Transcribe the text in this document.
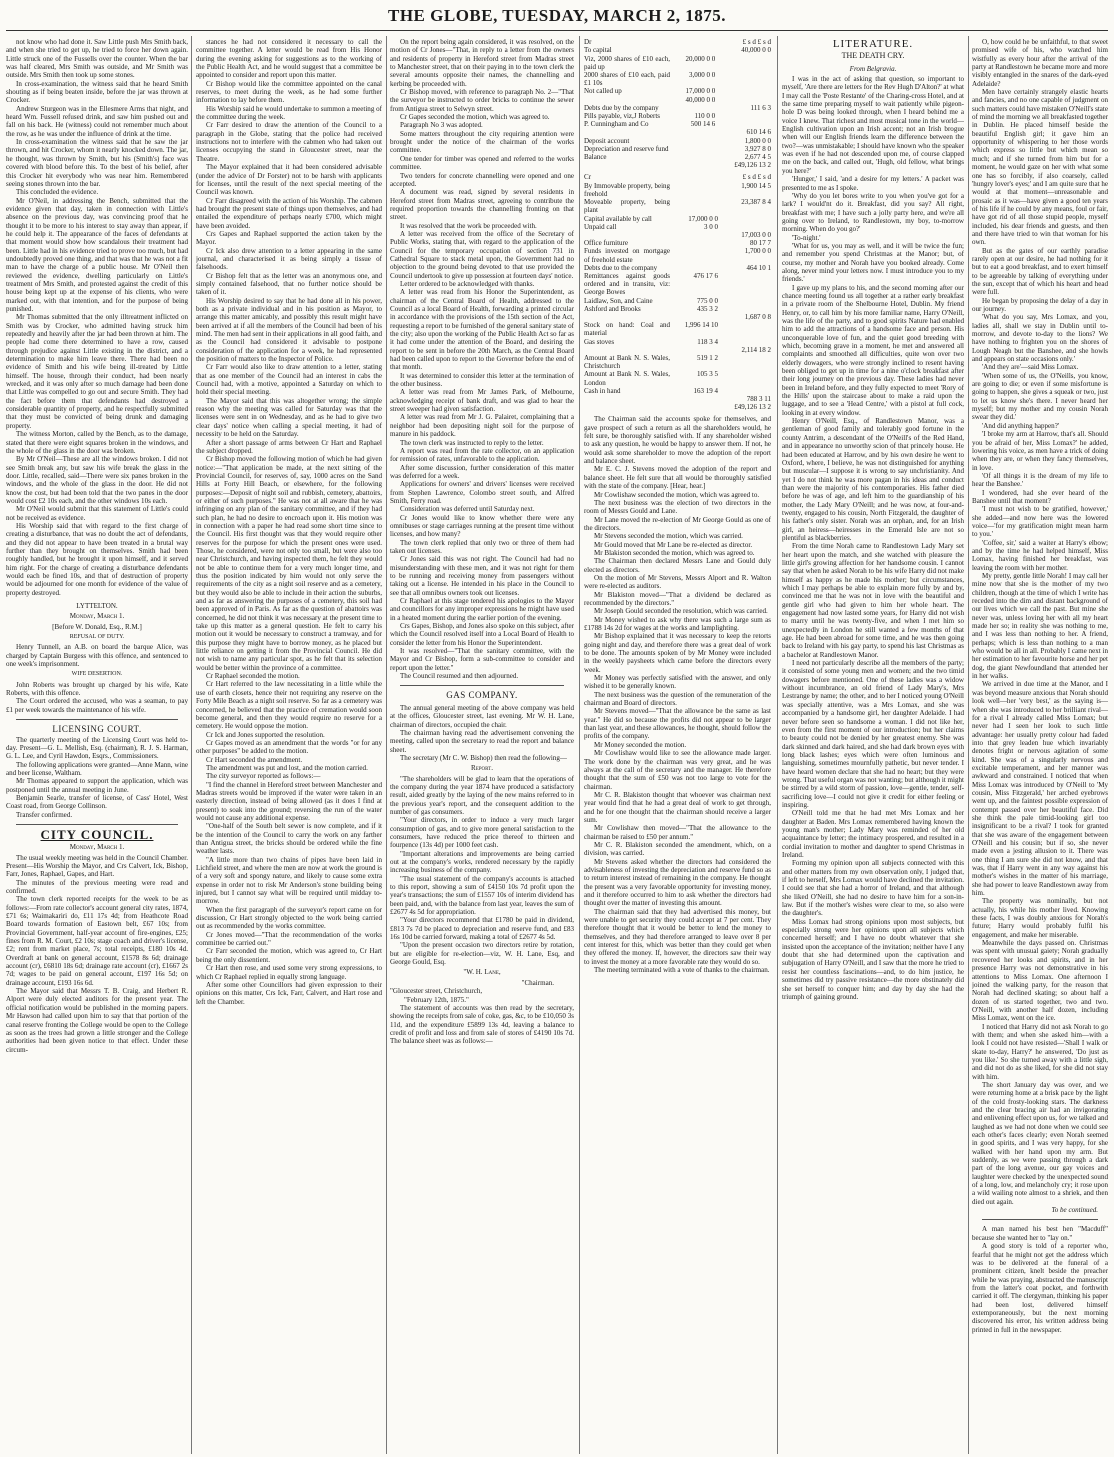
THE GLOBE, TUESDAY, MARCH 2, 1875.

not know who had done it. Saw Little push Mrs Smith back, and when she tried to get up, he tried to force her down again. Little struck one of the Fussells over the counter. When the bar was half cleared, Mrs Smith was outside, and Mr Smith was outside. Mrs Smith then took up some stones.

In cross-examination, the witness said that he heard Smith shouting as if being beaten inside, before the jar was thrown at Crocker.

Andrew Sturgeon was in the Ellesmere Arms that night, and heard Wm. Fussell refused drink, and saw him pushed out and fall on his back. He (witness) could not remember much about the row, as he was under the influence of drink at the time.

In cross-examination the witness said that he saw the jar thrown, and hit Crocker, whom it nearly knocked down. The jar, he thought, was thrown by Smith, but his (Smith's) face was covered with blood before this. To the best of his belief, after this Crocker hit everybody who was near him. Remembered seeing stones thrown into the bar.

This concluded the evidence.

Mr O'Neil, in addressing the Bench, submitted that the evidence given that day, taken in connection with Little's absence on the previous day, was convincing proof that he thought it to be more to his interest to stay away than appear, if he could help it. The appearance of the faces of defendants at that moment would show how scandalous their treatment had been. Little had in his evidence tried to prove too much, but had undoubtedly proved one thing, and that was that he was not a fit man to have the charge of a public house. Mr O'Neil then reviewed the evidence, dwelling particularly on Little's treatment of Mrs Smith, and protested against the credit of this house being kept up at the expense of his clients, who were marked out, with that intention, and for the purpose of being punished.

Mr Thomas submitted that the only illtreatment inflicted on Smith was by Crocker, who admitted having struck him repeatedly and heavily after the jar had been thrown at him. The people had come there determined to have a row, caused through prejudice against Little existing in the district, and a determination to make him leave there. There had been no evidence of Smith and his wife being ill-treated by Little himself. The house, through their conduct, had been nearly wrecked, and it was only after so much damage had been done that Little was compelled to go out and secure Smith. They had the fact before them that defendants had destroyed a considerable quantity of property, and he respectfully submitted that they must be convicted of being drunk and damaging property.

The witness Morton, called by the Bench, as to the damage, stated that there were eight squares broken in the windows, and the whole of the glass in the door was broken.

By Mr O'Neil—These are all the windows broken. I did not see Smith break any, but saw his wife break the glass in the door. Little, recalled, said—There were six panes broken in the windows, and the whole of the glass in the door. He did not know the cost, but had been told that the two panes in the door would cost £2 10s each, and the other windows 10s each.

Mr O'Neil would submit that this statement of Little's could not be received as evidence.

His Worship said that with regard to the first charge of creating a disturbance, that was no doubt the act of defendants, and they did not appear to have been treated in a brutal way further than they brought on themselves. Smith had been roughly handled, but he brought it upon himself, and it served him right. For the charge of creating a disturbance defendants would each be fined 10s, and that of destruction of property would be adjourned for one month for evidence of the value of property destroyed.

LYTTELTON.
Monday, March 1.
[Before W. Donald, Esq., R.M.]
REFUSAL OF DUTY.

Henry Tunnell, an A.B. on board the barque Alice, was charged by Captain Burgess with this offence, and sentenced to one week's imprisonment.

WIFE DESERTION.

John Roberts was brought up charged by his wife, Kate Roberts, with this offence.

The Court ordered the accused, who was a seaman, to pay £1 per week towards the maintenance of his wife.

LICENSING COURT.

The quarterly meeting of the Licensing Court was held to-day. Present—G. L. Mellish, Esq. (chairman), R. J. S. Harman, G. L. Lee, and Cyril Hawdon, Esqrs., Commissioners.

The following applications were granted—Anne Mann, wine and beer license, Waltham.

Mr Thomas appeared to support the application, which was postponed until the annual meeting in June.

Benjamin Searle, transfer of license, of Cass' Hotel, West Coast road, from George Collinson.

Transfer confirmed.

CITY COUNCIL.
Monday, March 1.

The usual weekly meeting was held in the Council Chamber. Present—His Worship the Mayor, and Crs Calvert, Ick, Bishop, Farr, Jones, Raphael, Gapes, and Hart.

The minutes of the previous meeting were read and confirmed.

The town clerk reported receipts for the week to be as follows:—From rate collector's account general city rates, 1874, £71 6s; Waimakariri do, £11 17s 4d; from Heathcote Road Board towards formation of Eastown belt, £67 10s; from Provincial Government, half-year account of fire-engines, £25; fines from R. M. Court, £2 10s; stage coach and driver's license, £2; rent from market place, 7s; total receipts, £180 10s 4d. Overdraft at bank on general account, £1578 8s 6d; drainage account (cr), £6810 18s 6d; drainage rate account (cr), £1667 2s 7d; wages to be paid on general account, £197 16s 5d; on drainage account, £193 16s 6d.

The Mayor said that Messrs T. B. Craig, and Herbert R. Alport were duly elected auditors for the present year. The official notification would be published in the morning papers. Mr Hawson had called upon him to say that that portion of the canal reserve fronting the College would be open to the College as soon as the trees had grown a little stronger and the College authorities had been given notice to that effect. Under these circum-

stances he had not considered it necessary to call the committee together. A letter would be read from His Honor during the evening asking for suggestions as to the working of the Public Health Act, and he would suggest that a committee be appointed to consider and report upon this matter.

Cr Bishop would like the committee appointed on the canal reserves, to meet during the week, as he had some further information to lay before them.

His Worship said he would undertake to summon a meeting of the committee during the week.

Cr Farr desired to draw the attention of the Council to a paragraph in the Globe, stating that the police had received instructions not to interfere with the cabmen who had taken out licenses occupying the stand in Gloucester street, near the Theatre.

The Mayor explained that it had been considered advisable (under the advice of Dr Forster) not to be harsh with applicants for licenses, until the result of the next special meeting of the Council was known.

Cr Farr disagreed with the action of his Worship. The cabmen had brought the present state of things upon themselves, and had entailed the expenditure of perhaps nearly £700, which might have been avoided.

Crs Gapes and Raphael supported the action taken by the Mayor.

Cr Ick also drew attention to a letter appearing in the same journal, and characterised it as being simply a tissue of falsehoods.

Cr Bishop felt that as the letter was an anonymous one, and simply contained falsehood, that no further notice should be taken of it.

His Worship desired to say that he had done all in his power, both as a private individual and in his position as Mayor, to arrange this matter amicably, and possibly this result might have been arrived at if all the members of the Council had been of his mind. The men had sent in their applications in all good faith, and as the Council had considered it advisable to postpone consideration of the application for a week, he had represented the position of matters to the Inspector of Police.

Cr Farr would also like to draw attention to a letter, stating that as one member of the Council had an interest in cabs the Council had, with a motive, appointed a Saturday on which to hold their special meeting.

The Mayor said that this was altogether wrong; the simple reason why the meeting was called for Saturday was that the licenses were sent in on Wednesday, and as he had to give two clear days' notice when calling a special meeting, it had of necessity to be held on the Saturday.

After a short passage of arms between Cr Hart and Raphael the subject dropped.

Cr Bishop moved the following motion of which he had given notice:—"That application be made, at the next sitting of the Provincial Council, for reserves of, say, 1000 acres on the Sand Hills at Forty Hill Beach, or elsewhere, for the following purposes:—Deposit of night soil and rubbish, cemetery, abattoirs, or either of such purposes." He was not at all aware that he was infringing on any plan of the sanitary committee, and if they had such plan, he had no desire to encroach upon it. His motion was in connection with a paper he had read some short time since to the Council. His first thought was that they would require other reserves for the purpose for which the present ones were used. Those, he considered, were not only too small, but were also too near Christchurch, and having inspected them, he felt they would not be able to continue them for a very much longer time, and thus the position indicated by him would not only serve the requirements of the city as a night soil reserve and as a cemetery, but they would also be able to include in their action the suburbs, and as far as answering the purposes of a cemetery, this soil had been approved of in Paris. As far as the question of abattoirs was concerned, he did not think it was necessary at the present time to take up this matter as a general question. He felt to carry his motion out it would be necessary to construct a tramway, and for this purpose they might have to borrow money, as he placed but little reliance on getting it from the Provincial Council. He did not wish to name any particular spot, as he felt that its selection would be better within the province of a committee.

Cr Raphael seconded the motion.

Cr Hart referred to the law necessitating in a little while the use of earth closets, hence their not requiring any reserve on the Forty Mile Beach as a night soil reserve. So far as a cemetery was concerned, he believed that the practice of cremation would soon become general, and then they would require no reserve for a cemetery. He would oppose the motion.

Cr Ick and Jones supported the resolution.

Cr Gapes moved as an amendment that the words "or for any other purposes" be added to the motion.

Cr Hart seconded the amendment.

The amendment was put and lost, and the motion carried.

The city surveyor reported as follows:—

"I find the channel in Hereford street between Manchester and Madras streets would be improved if the water were taken in an easterly direction, instead of being allowed (as it does I find at present) to soak into the ground; reversing the run of the water would not cause any additional expense.

"One-half of the South belt sewer is now complete, and if it be the intention of the Council to carry the work on any farther than Antigua street, the bricks should be ordered while the fine weather lasts.

"A little more than two chains of pipes have been laid in Lichfield street, and where the men are now at work the ground is of a very soft and spongy nature, and likely to cause some extra expense in order not to risk Mr Anderson's stone building being injured, but I cannot say what will be required until midday to-morrow.

When the first paragraph of the surveyor's report came on for discussion, Cr Hart strongly objected to the work being carried out as recommended by the works committee.

Cr Jones moved—"That the recommendation of the works committee be carried out."

Cr Farr seconded the motion, which was agreed to, Cr Hart being the only dissentient.

Cr Hart then rose, and used some very strong expressions, to which Cr Raphael replied in equally strong language.

After some other Councillors had given expression to their opinions on this matter, Crs Ick, Farr, Calvert, and Hart rose and left the Chamber.

On the report being again considered, it was resolved, on the motion of Cr Jones—"That, in reply to a letter from the owners and residents of property in Hereford street from Madras street to Manchester street, that on their paying in to the town clerk the several amounts opposite their names, the channelling and kerbing be proceeded with.

Cr Bishop moved, with reference to paragraph No. 2—"That the surveyor be instructed to order bricks to continue the sewer from Antigua street to Selwyn street.

Cr Gapes seconded the motion, which was agreed to.

Paragraph No 3 was adopted.

Some matters throughout the city requiring attention were brought under the notice of the chairman of the works committee.

One tender for timber was opened and referred to the works committee.

Two tenders for concrete channelling were opened and one accepted.

A document was read, signed by several residents in Hereford street from Madras street, agreeing to contribute the required proportion towards the channelling fronting on that street.

It was resolved that the work be proceeded with.

A letter was received from the office of the Secretary of Public Works, stating that, with regard to the application of the Council for the temporary occupation of section 731 in Cathedral Square to stack metal upon, the Government had no objection to the ground being devoted to that use provided the Council undertook to give up possession at fourteen days' notice.

Letter ordered to be acknowledged with thanks.

A letter was read from his Honor the Superintendent, as chairman of the Central Board of Health, addressed to the Council as a local Board of Health, forwarding a printed circular in accordance with the provisions of the 15th section of the Act, requesting a report to be furnished of the general sanitary state of the city; also upon the working of the Public Health Act so far as it had come under the attention of the Board, and desiring the report to be sent in before the 20th March, as the Central Board had been called upon to report to the Governor before the end of that month.

It was determined to consider this letter at the termination of the other business.

A letter was read from Mr James Park, of Melbourne, acknowledging receipt of bank draft, and was glad to hear the street sweeper had given satisfaction.

A letter was read from Mr J. G. Palairet, complaining that a neighbor had been depositing night soil for the purpose of manure in his paddock.

The town clerk was instructed to reply to the letter.

A report was read from the rate collector, on an application for remission of rates, unfavorable to the application.

After some discussion, further consideration of this matter was deferred for a week.

Applications for owners' and drivers' licenses were received from Stephen Lawrence, Colombo street south, and Alfred Smith, Ferry road.

Consideration was deferred until Saturday next.

Cr Jones would like to know whether there were any omnibuses or stage carriages running at the present time without licenses, and how many?

The town clerk replied that only two or three of them had taken out licenses.

Cr Jones said this was not right. The Council had had no misunderstanding with these men, and it was not right for them to be running and receiving money from passengers without taking out a license. He intended in his place in the Council to see that all omnibus owners took out licenses.

Cr Raphael at this stage tendered his apologies to the Mayor and councillors for any improper expressions he might have used in a heated moment during the earlier portion of the evening.

Crs Gapes, Bishop, and Jones also spoke on this subject, after which the Council resolved itself into a Local Board of Health to consider the letter from his Honor the Superintendent.

It was resolved—"That the sanitary committee, with the Mayor and Cr Bishop, form a sub-committee to consider and report upon the letter."

The Council resumed and then adjourned.

GAS COMPANY.

The annual general meeting of the above company was held at the offices, Gloucester street, last evening. Mr W. H. Lane, chairman of directors, occupied the chair.

The chairman having read the advertisement convening the meeting, called upon the secretary to read the report and balance sheet.

The secretary (Mr C. W. Bishop) then read the following—

Report.

"The shareholders will be glad to learn that the operations of the company during the year 1874 have produced a satisfactory result, aided greatly by the laying of the new mains referred to in the previous year's report, and the consequent addition to the number of gas consumers.

"Your directors, in order to induce a very much larger consumption of gas, and to give more general satisfaction to the consumers, have reduced the price thereof to thirteen and fourpence (13s 4d) per 1000 feet cash.

"Important alterations and improvements are being carried out at the company's works, rendered necessary by the rapidly increasing business of the company.

"The usual statement of the company's accounts is attached to this report, showing a sum of £4150 10s 7d profit upon the year's transactions; the sum of £1557 10s of interim dividend has been paid, and, with the balance from last year, leaves the sum of £2677 4s 5d for appropriation.

"Your directors recommend that £1780 be paid in dividend, £813 7s 7d be placed to depreciation and reserve fund, and £83 16s 10d be carried forward, making a total of £2677 4s 5d.

"Upon the present occasion two directors retire by rotation, but are eligible for re-election—viz, W. H. Lane, Esq, and George Gould, Esq.

"W. H. Lane,
"Chairman.
"Gloucester street, Christchurch,
"February 12th, 1875."

The statement of accounts was then read by the secretary, showing the receipts from sale of coke, gas, &c, to be £10,050 3s 11d, and the expenditure £5899 13s 4d, leaving a balance to credit of profit and loss and from sale of stores of £4190 10s 7d. The balance sheet was as follows:—

Dr	£ s d £ s d
To capital		40,000 0 0
Viz, 2000 shares of £10 each, paid up	20,000 0 0	
2000 shares of £10 each, paid £1 10s	3,000 0 0	
Not called up	17,000 0 0	
	40,000 0 0	
Debts due by the company		111 6 3
Pills payable, viz,J Roberts	110 0 0	
P. Cunningham and Co	500 14 6	
		610 14 6
Deposit account		1,800 0 0
Depreciation and reserve fund		3,927 8 0
Balance		2,677 4 5
		£49,126 13 2
Cr	£ s d £ s d
By Immovable property, being freehold		1,900 14 5
Moveable property, being plant		23,387 8 4
Capital available by call	17,000 0 0	
Unpaid call	3 0 0	
		17,003 0 0
Office furniture		80 17 7
Funds invested on mortgage of freehold estate		1,700 0 0
Debts due to the company		464 10 1
Remittances against goods ordered and in transitu, viz: George Bowes	476 17 6	
Laidlaw, Son, and Caine	775 0 0	
Ashford and Brooks	435 3 2	
		1,687 0 8
Stock on hand: Coal and material	1,996 14 10	
Gas stoves	118 3 4	
		2,114 18 2
Amount at Bank N. S. Wales, Christchurch	519 1 2	
Amount at Bank N. S. Wales, London	105 3 5	
Cash in hand	163 19 4	
		788 3 11
		£49,126 13 2

The Chairman said the accounts spoke for themselves, and gave prospect of such a return as all the shareholders would, he felt sure, be thoroughly satisfied with. If any shareholder wished to ask any question, he would be happy to answer them. If not, he would ask some shareholder to move the adoption of the report and balance sheet.

Mr E. C. J. Stevens moved the adoption of the report and balance sheet. He felt sure that all would be thoroughly satisfied with the state of the company. [Hear, hear.]

Mr Cowlishaw seconded the motion, which was agreed to.

The next business was the election of two directors in the room of Messrs Gould and Lane.

Mr Lane moved the re-election of Mr George Gould as one of the directors.

Mr Stevens seconded the motion, which was carried.

Mr Gould moved that Mr Lane be re-elected as director.

Mr Blakiston seconded the motion, which was agreed to.

The Chairman then declared Messrs Lane and Gould duly elected as directors.

On the motion of Mr Stevens, Messrs Alport and R. Walton were re-elected as auditors.

Mr Blakiston moved—"That a dividend be declared as recommended by the directors."

Mr Joseph Gould seconded the resolution, which was carried.

Mr Money wished to ask why there was such a large sum as £1788 14s 2d for wages at the works and lamplighting.

Mr Bishop explained that it was necessary to keep the retorts going night and day, and therefore there was a great deal of work to be done. The amounts spoken of by Mr Money were included in the weekly paysheets which came before the directors every week.

Mr Money was perfectly satisfied with the answer, and only wished it to be generally known.

The next business was the question of the remuneration of the chairman and Board of directors.

Mr Stevens moved—"That the allowance be the same as last year." He did so because the profits did not appear to be larger than last year, and these allowances, he thought, should follow the profits of the company.

Mr Money seconded the motion.

Mr Cowlishaw would like to see the allowance made larger. The work done by the chairman was very great, and he was always at the call of the secretary and the manager. He therefore thought that the sum of £50 was not too large to vote for the chairman.

Mr C. R. Blakiston thought that whoever was chairman next year would find that he had a great deal of work to get through, and he for one thought that the chairman should receive a larger sum.

Mr Cowlishaw then moved—"That the allowance to the chairman be raised to £50 per annum."

Mr C. R. Blakiston seconded the amendment, which, on a division, was carried.

Mr Stevens asked whether the directors had considered the advisableness of investing the depreciation and reserve fund so as to return interest instead of remaining in the company. He thought the present was a very favorable opportunity for investing money, and it therefore occurred to him to ask whether the directors had thought over the matter of investing this amount.

The chairman said that they had advertised this money, but were unable to get security they could accept at 7 per cent. They therefore thought that it would be better to lend the money to themselves, and they had therefore arranged to leave over 8 per cent interest for this, which was better than they could get when they offered the money. If, however, the directors saw their way to invest the money at a more favorable rate they would do so.

The meeting terminated with a vote of thanks to the chairman.

LITERATURE.
THE DEATH CRY.
From Belgravia.

I was in the act of asking that question, so important to myself, 'Are there are letters for the Rev Hugh D'Alton?' at what I may call the 'Poste Restante' of the Charing-cross Hotel, and at the same time preparing myself to wait patiently while pigeon-hole D was being looked through, when I heard behind me a voice I knew. That richest and most musical tone in the world—English cultivation upon an Irish accent; not an Irish brogue when will our English friends learn the difference between the two?—was unmistakable; I should have known who the speaker was even if he had not descended upon me, of course clapped me on the back, and called out, 'Hugh, old fellow, what brings you here?'

'Hunger,' I said, 'and a desire for my letters.' A packet was presented to me as I spoke.

'Why do you let bores write to you when you've got for a lark? I would'nt do it. Breakfast, did you say? All right, breakfast with me; I have such a jolly party here, and we're all going over to Ireland, to Randlestown, my boy, to-morrow morning. When do you go?'

'To-night.'

'What for us, you may as well, and it will be twice the fun; and remember you spend Christmas at the Manor; but, of course, my mother and Norah have you booked already. Come along, never mind your letters now. I must introduce you to my friends.'

I gave up my plans to his, and the second morning after our chance meeting found us all together at a rather early breakfast in a private room of the Shelbourne Hotel, Dublin. My friend Henry, or, to call him by his more familiar name, Harry O'Neill, was the life of the party, and to good spirits Nature had enabled him to add the attractions of a handsome face and person. His unconquerable love of fun, and the quiet good breeding with which, becoming grave in a moment, he met and answered all complaints and smoothed all difficulties, quite won over two elderly dowagers, who were strongly inclined to resent having been obliged to get up in time for a nine o'clock breakfast after their long journey on the previous day. These ladies had never been in Ireland before, and they fully expected to meet 'Rory of the Hills' upon the staircase about to make a raid upon the luggage, and to see a 'Head Centre,' with a pistol at full cock, looking in at every window.

Henry O'Neill, Esq., of Randlestown Manor, was a gentleman of good family and tolerably good fortune in the county Antrim, a descendant of the O'Neill's of the Red Hand, and in appearance no unworthy scion of that princely house. He had been educated at Harrow, and by his own desire he went to Oxford, where, I believe, he was not distinguished for anything but muscular—I suppose it is wrong to say unchristianity. And yet I do not think he was more pagan in his ideas and conduct than were the majority of his contemporaries. His father died before he was of age, and left him to the guardianship of his mother, the Lady Mary O'Neill; and he was now, at four-and-twenty, engaged to his cousin, North Fitzgerald, the daughter of his father's only sister. Norah was an orphan, and, for an Irish girl, an heiress—heiresses in the Emerald Isle are not so plentiful as blackberries.

From the time Norah came to Randlestown Lady Mary set her heart upon the match, and she watched with pleasure the little girl's growing affection for her handsome cousin. I cannot say that when he asked Norah to be his wife Harry did not make himself as happy as he made his mother; but circumstances, which I may perhaps be able to explain more fully by and by, convinced me that he was not in love with the beautiful and gentle girl who had given to him her whole heart. The engagement had now lasted some years, for Harry did not wish to marry until he was twenty-five, and when I met him so unexpectedly in London he still wanted a few months of that age. He had been abroad for some time, and he was then going back to Ireland with his gay party, to spend his last Christmas as a bachelor at Randlestown Manor.

I need not particularly describe all the members of the party; it consisted of some young men and women; and the two timid dowagers before mentioned. One of these ladies was a widow without incumbrance, an old friend of Lady Mary's, Mrs Lestrange by name; the other, and to her I noticed young O'Neill was specially attentive, was a Mrs Lomax, and she was accompanied by a handsome girl, her daughter Adelaide. I had never before seen so handsome a woman. I did not like her, even from the first moment of our introduction; but her claims to beauty could not be denied by her greatest enemy. She was dark skinned and dark haired, and she had dark brown eyes with long black lashes; eyes which were often luminous and languishing, sometimes mournfully pathetic, but never tender. I have heard women declare that she had no heart; but they were wrong. That useful organ was not wanting; but although it might be stirred by a wild storm of passion, love—gentle, tender, self-sacrificing love—I could not give it credit for either feeling or inspiring.

O'Neill told me that he had met Mrs Lomax and her daughter at Baden. Mrs Lomax remembered having known the young man's mother; Lady Mary was reminded of her old acquaintance by letter; the intimacy prospered, and resulted in a cordial invitation to mother and daughter to spend Christmas in Ireland.

Forming my opinion upon all subjects connected with this and other matters from my own observation only, I judged that, if left to herself, Mrs Lomax would have declined the invitation. I could see that she had a horror of Ireland, and that although she liked O'Neill, she had no desire to have him for a son-in-law. But if the mother's wishes were clear to me, so also were the daughter's.

Miss Lomax had strong opinions upon most subjects, but especially strong were her opinions upon all subjects which concerned herself; and I have no doubt whatever that she insisted upon the acceptance of the invitation; neither have I any doubt that she had determined upon the captivation and subjugation of Harry O'Neill, and I saw that the more he tried to resist her countless fascinations—and, to do him justice, he sometimes did try passive resistance—the more obstinately did she set herself to conquer him; and day by day she had the triumph of gaining ground.

O, how could he be unfaithful, to that sweet promised wife of his, who watched him wistfully as every hour after the arrival of the party at Randlestown he became more and more visibly entangled in the snares of the dark-eyed Adelaide?

Men have certainly strangely elastic hearts and fancies, and no one capable of judgment on such matters could have mistaken O'Neill's state of mind the morning we all breakfasted together in Dublin. He placed himself beside the beautiful English girl; it gave him an opportunity of whispering to her those words which express so little but which mean so much; and if she turned from him but for a moment, he would gaze on her with what some one has so forcibly, if also coarsely, called 'hungry lover's eyes;' and I am quite sure that he would at that moment—unreasonable and prosaic as it was—have given a good ten years of his life if he could by any means, foul or fair, have got rid of all those stupid people, myself included, his dear friends and guests, and then and there have tried to win that woman for his own.

But as the gates of our earthly paradise rarely open at our desire, he had nothing for it but to eat a good breakfast, and to exert himself to be agreeable by talking of everything under the sun, except that of which his heart and head were full.

He began by proposing the delay of a day in our journey.

'What do you say, Mrs Lomax, and you, ladies all, shall we stay in Dublin until to-morrow, and devote to-day to the lions? We have nothing to frighten you on the shores of Lough Neagh but the Banshee, and she howls and appears on state occasions only.'

'And they are'—said Miss Lomax.

'When some of us, the O'Neills, you know, are going to die; or even if some misfortune is going to happen, she gives a squeak or two, just to let us know she's there. I never heard her myself; but my mother and my cousin Norah swear they did.'

'And did anything happen?'

'I broke my arm at Harrow, that's all. Should you be afraid of her, Miss Lomax?' he added, lowering his voice, as men have a trick of doing when they are, or when they fancy themselves, in love.

'Of all things it is the dream of my life to hear the Banshee.'

I wondered, had she ever heard of the Banshee until that moment?

'I must not wish to be gratified, however,' she added—and now here was the lowered voice—'for my gratification might mean harm to you.'

'Coffee, sir,' said a waiter at Harry's elbow; and by the time he had helped himself, Miss Lomax, having finished her breakfast, was leaving the room with her mother.

My pretty, gentle little Norah! I may call her mine now that she is the mother of my two children, though at the time of which I write has receded into the dim and distant background of our lives which we call the past. But mine she never was, unless loving her with all my heart made her so; in reality she was nothing to me, and I was less than nothing to her. A friend, perhaps; which is less than nothing to a man who would be all in all. Probably I came next in her estimation to her favourite horse and her pet dog, the giant Newfoundland that attended her in her walks.

We arrived in due time at the Manor, and I was beyond measure anxious that Norah should look well—her 'very best,' as the saying is—when she was introduced to her brilliant rival—for a rival I already called Miss Lomax; but never had I seen her look to such little advantage: her usually pretty colour had faded into that grey leaden hue which invariably denotes fright or nervous agitation of some kind. She was of a singularly nervous and excitable temperament, and her manner was awkward and constrained. I noticed that when Miss Lomax was introduced by O'Neill to 'My cousin, Miss Fitzgerald,' her arched eyebrows went up, and the faintest possible expression of contempt passed over her beautiful face. Did she think the pale timid-looking girl too insignificant to be a rival? I took for granted that she was aware of the engagement between O'Neill and his cousin; but if so, she never made even a jesting allusion to it. There was one thing I am sure she did not know, and that was, that if Harry went in any way against his mother's wishes in the matter of his marriage, she had power to leave Randlestown away from him.

The property was nominally, but not actually, his while his mother lived. Knowing these facts, I was doubly anxious for Norah's future; Harry would probably fulfil his engagement, and make her miserable.

Meanwhile the days passed on. Christmas was spent with unusual gaiety; Norah gradually recovered her looks and spirits, and in her presence Harry was not demonstrative in his attentions to Miss Lomax. One afternoon I joined the walking party, for the reason that Norah had declined skating; so about half a dozen of us started together, two and two. O'Neill, with another half dozen, including Miss Lomax, went on the ice.

I noticed that Harry did not ask Norah to go with them; and when she asked him—with a look I could not have resisted—'Shall I walk or skate to-day, Harry?' he answered, 'Do just as you like.' So she turned away with a little sigh, and did not do as she liked, for she did not stay with him.

The short January day was over, and we were returning home at a brisk pace by the light of the cold frosty-looking stars. The darkness and the clear bracing air had an invigorating and enlivening effect upon us, for we talked and laughed as we had not done when we could see each other's faces clearly; even Norah seemed in good spirits, and I was very happy, for she walked with her hand upon my arm. But suddenly, as we were passing through a dark part of the long avenue, our gay voices and laughter were checked by the unexpected sound of a long, low, and melancholy cry; it rose upon a wild wailing note almost to a shriek, and then died out again.

To be continued.

A man named his best hen "Macduff" because she wanted her to "lay on."

A good story is told of a reporter who, fearful that he might not get the address which was to be delivered at the funeral of a prominent citizen, knelt beside the preacher while he was praying, abstracted the manuscript from the latter's coat pocket, and forthwith carried it off. The clergyman, thinking his paper had been lost, delivered himself extemporaneously, but the next morning discovered his error, his written address being printed in full in the newspaper.
